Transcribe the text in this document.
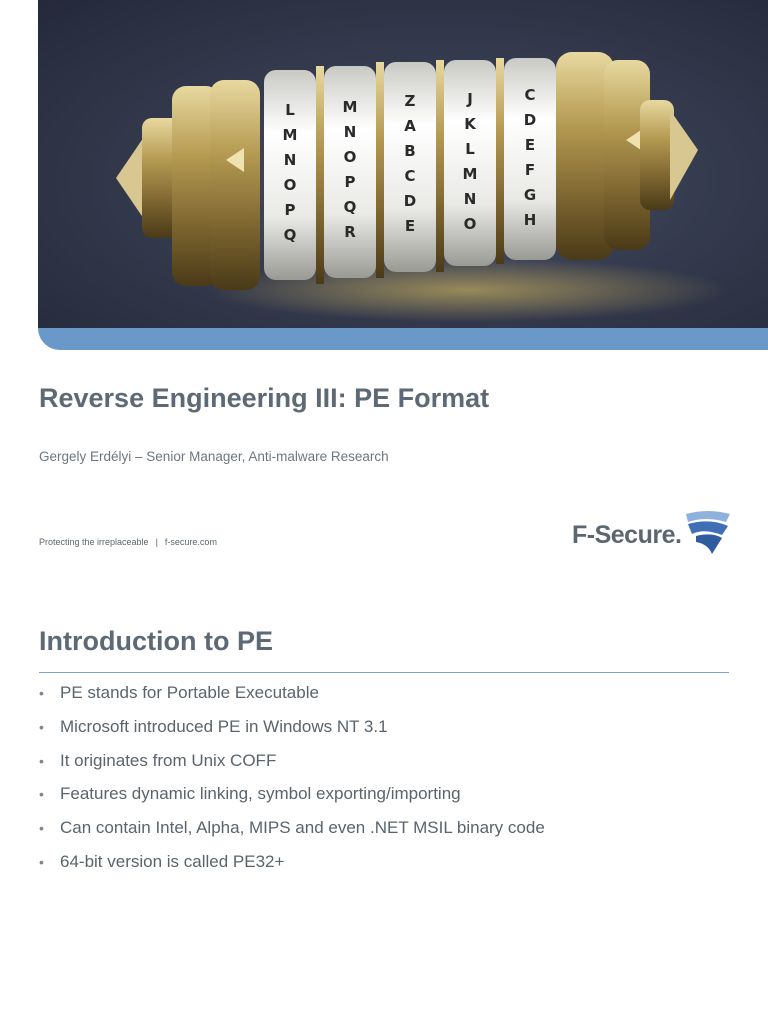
L
M
N
O
P
Q
M
N
O
P
Q
R
Z
A
B
C
D
E
J
K
L
M
N
O
C
D
E
F
G
H
Reverse Engineering III: PE Format

Gergely Erdélyi – Senior Manager, Anti-malware Research

Protecting the irreplaceable | f-secure.com	F-Secure.
Introduction to PE
• PE stands for Portable Executable
• Microsoft introduced PE in Windows NT 3.1
• It originates from Unix COFF
• Features dynamic linking, symbol exporting/importing
• Can contain Intel, Alpha, MIPS and even .NET MSIL binary code
• 64-bit version is called PE32+
